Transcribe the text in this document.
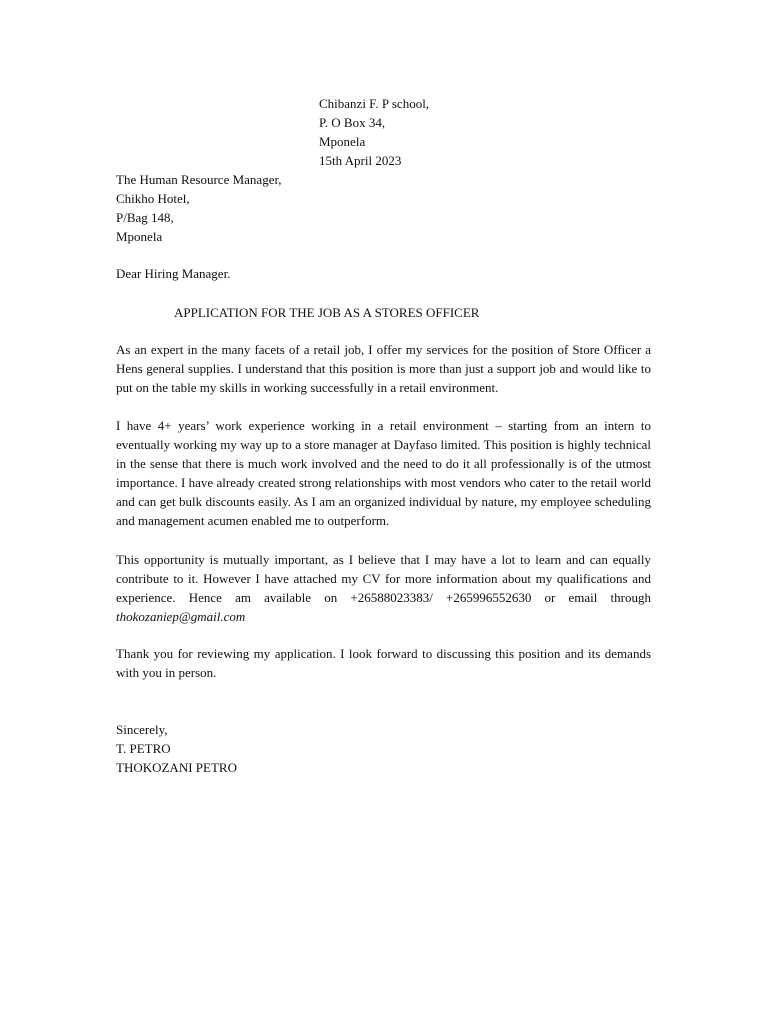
Chibanzi F. P school,

P. O Box 34,

Mponela

15th April 2023

The Human Resource Manager,

Chikho Hotel,

P/Bag 148,

Mponela

Dear Hiring Manager.

APPLICATION FOR THE JOB AS A STORES OFFICER

As an expert in the many facets of a retail job, I offer my services for the position of Store Officer a Hens general supplies. I understand that this position is more than just a support job and would like to put on the table my skills in working successfully in a retail environment.

I have 4+ years’ work experience working in a retail environment – starting from an intern to eventually working my way up to a store manager at Dayfaso limited. This position is highly technical in the sense that there is much work involved and the need to do it all professionally is of the utmost importance. I have already created strong relationships with most vendors who cater to the retail world and can get bulk discounts easily. As I am an organized individual by nature, my employee scheduling and management acumen enabled me to outperform.

This opportunity is mutually important, as I believe that I may have a lot to learn and can equally contribute to it. However I have attached my CV for more information about my qualifications and experience. Hence am available on +26588023383/ +265996552630 or email through thokozaniep@gmail.com

Thank you for reviewing my application. I look forward to discussing this position and its demands with you in person.

Sincerely,

T. PETRO

THOKOZANI PETRO
